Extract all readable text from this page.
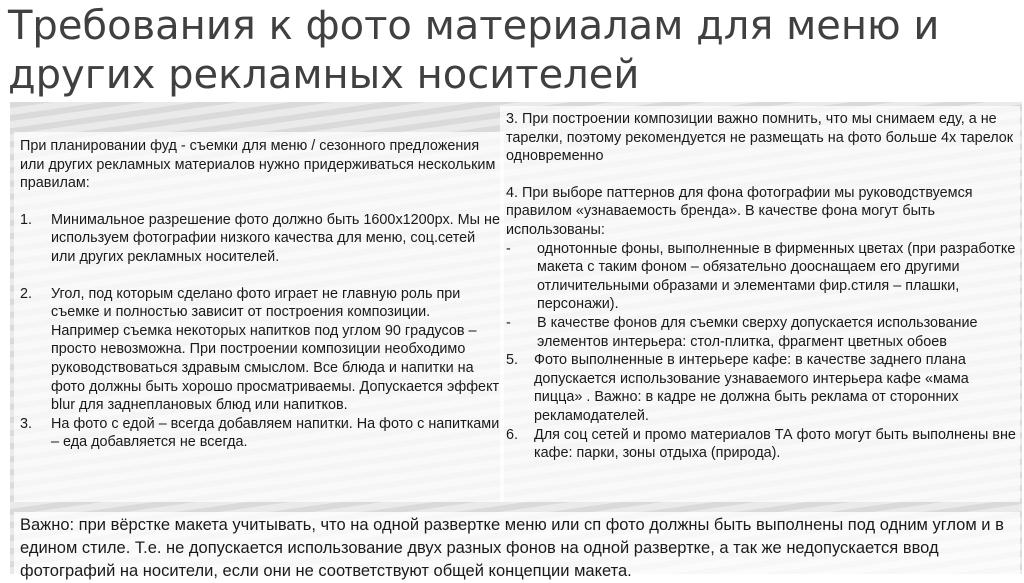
Требования к фото материалам для меню и других рекламных носителей

При планировании фуд - съемки для меню / сезонного предложения или других рекламных материалов нужно придерживаться нескольким правилам:

1. Минимальное разрешение фото должно быть 1600х1200рх. Мы не используем фотографии низкого качества для меню, соц.сетей или других рекламных носителей.

2. Угол, под которым сделано фото играет не главную роль при съемке и полностью зависит от построения композиции. Например съемка некоторых напитков под углом 90 градусов – просто невозможна. При построении композиции необходимо руководствоваться здравым смыслом. Все блюда и напитки на фото должны быть хорошо просматриваемы. Допускается эффект blur для заднеплановых блюд или напитков.

3. На фото с едой – всегда добавляем напитки. На фото с напитками – еда добавляется не всегда.

3. При построении композиции важно помнить, что мы снимаем еду, а не тарелки, поэтому рекомендуется не размещать на фото больше 4х тарелок одновременно

4. При выборе паттернов для фона фотографии мы руководствуемся правилом «узнаваемость бренда». В качестве фона могут быть использованы:

- однотонные фоны, выполненные в фирменных цветах (при разработке макета с таким фоном – обязательно дооснащаем его другими отличительными образами и элементами фир.стиля – плашки, персонажи).

- В качестве фонов для съемки сверху допускается использование элементов интерьера: стол-плитка, фрагмент цветных обоев

5. Фото выполненные в интерьере кафе: в качестве заднего плана допускается использование узнаваемого интерьера кафе «мама пицца» . Важно: в кадре не должна быть реклама от сторонних рекламодателей.

6. Для соц сетей и промо материалов ТА фото могут быть выполнены вне кафе: парки, зоны отдыха (природа).

Важно: при вёрстке макета учитывать, что на одной развертке меню или сп фото должны быть выполнены под одним углом и в едином стиле. Т.е. не допускается использование двух разных фонов на одной развертке, а так же недопускается ввод фотографий на носители, если они не соответствуют общей концепции макета.
